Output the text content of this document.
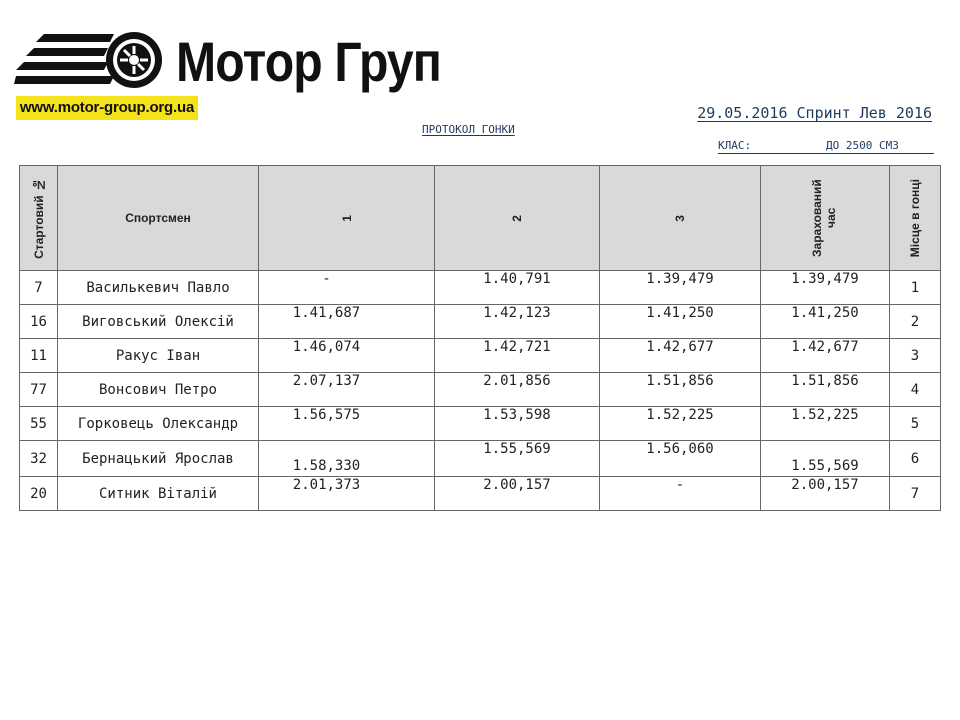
Мотор Груп
www.motor-group.org.ua	29.05.2016 Спринт Лев 2016
ПРОТОКОЛ ГОНКИ
КЛАС:	ДО 2500 СМ3
Стартовий №	Спортсмен	1	2	3	Зарахований час	Місце в гонці

7	Василькевич Павло	-	1.40,791	1.39,479	1.39,479	1
16	Виговський Олексій	1.41,687	1.42,123	1.41,250	1.41,250	2
11	Ракус Іван	1.46,074	1.42,721	1.42,677	1.42,677	3
77	Вонсович Петро	2.07,137	2.01,856	1.51,856	1.51,856	4
55	Горковець Олександр	1.56,575	1.53,598	1.52,225	1.52,225	5
32	Бернацький Ярослав	1.58,330	1.55,569	1.56,060	1.55,569	6
20	Ситник Віталій	2.01,373	2.00,157	-	2.00,157	7
